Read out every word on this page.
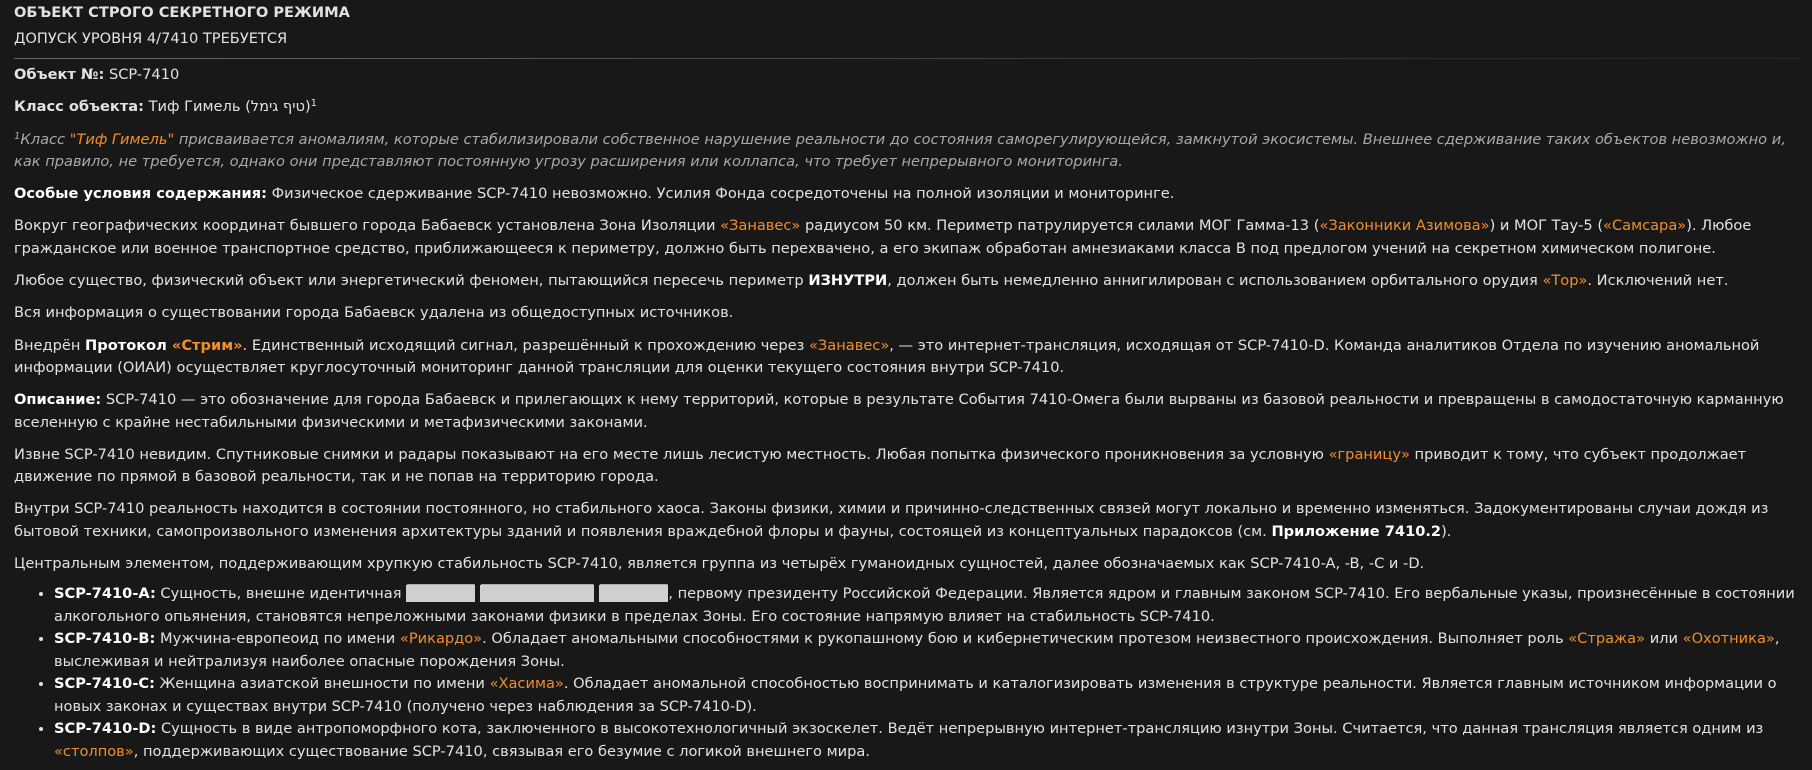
ОБЪЕКТ СТРОГО СЕКРЕТНОГО РЕЖИМА
ДОПУСК УРОВНЯ 4/7410 ТРЕБУЕТСЯ

Объект №: SCP-7410

Класс объекта: Тиф Гимель (טיף גימל)$^1$

$^1$Класс "Тиф Гимель" присваивается аномалиям, которые стабилизировали собственное нарушение реальности до состояния саморегулирующейся, замкнутой экосистемы. Внешнее сдерживание таких объектов невозможно и, как правило, не требуется, однако они представляют постоянную угрозу расширения или коллапса, что требует непрерывного мониторинга.

Особые условия содержания: Физическое сдерживание SCP-7410 невозможно. Усилия Фонда сосредоточены на полной изоляции и мониторинге.

Вокруг географических координат бывшего города Бабаевск установлена Зона Изоляции «Занавес» радиусом 50 км. Периметр патрулируется силами МОГ Гамма-13 («Законники Азимова») и МОГ Тау-5 («Самсара»). Любое гражданское или военное транспортное средство, приближающееся к периметру, должно быть перехвачено, а его экипаж обработан амнезиаками класса B под предлогом учений на секретном химическом полигоне.

Любое существо, физический объект или энергетический феномен, пытающийся пересечь периметр ИЗНУТРИ, должен быть немедленно аннигилирован с использованием орбитального орудия «Тор». Исключений нет.

Вся информация о существовании города Бабаевск удалена из общедоступных источников.

Внедрён Протокол «Стрим». Единственный исходящий сигнал, разрешённый к прохождению через «Занавес», — это интернет-трансляция, исходящая от SCP-7410-D. Команда аналитиков Отдела по изучению аномальной информации (ОИАИ) осуществляет круглосуточный мониторинг данной трансляции для оценки текущего состояния внутри SCP-7410.

Описание: SCP-7410 — это обозначение для города Бабаевск и прилегающих к нему территорий, которые в результате События 7410-Омега были вырваны из базовой реальности и превращены в самодостаточную карманную вселенную с крайне нестабильными физическими и метафизическими законами.

Извне SCP-7410 невидим. Спутниковые снимки и радары показывают на его месте лишь лесистую местность. Любая попытка физического проникновения за условную «границу» приводит к тому, что субъект продолжает движение по прямой в базовой реальности, так и не попав на территорию города.

Внутри SCP-7410 реальность находится в состоянии постоянного, но стабильного хаоса. Законы физики, химии и причинно-следственных связей могут локально и временно изменяться. Задокументированы случаи дождя из бытовой техники, самопроизвольного изменения архитектуры зданий и появления враждебной флоры и фауны, состоящей из концептуальных парадоксов (см. Приложение 7410.2).

Центральным элементом, поддерживающим хрупкую стабильность SCP-7410, является группа из четырёх гуманоидных сущностей, далее обозначаемых как SCP-7410-A, -B, -C и -D.

• SCP-7410-A: Сущность, внешне идентичная ██████ ██████████ ██████, первому президенту Российской Федерации. Является ядром и главным законом SCP-7410. Его вербальные указы, произнесённые в состоянии алкогольного опьянения, становятся непреложными законами физики в пределах Зоны. Его состояние напрямую влияет на стабильность SCP-7410.
• SCP-7410-B: Мужчина-европеоид по имени «Рикардо». Обладает аномальными способностями к рукопашному бою и кибернетическим протезом неизвестного происхождения. Выполняет роль «Стража» или «Охотника», выслеживая и нейтрализуя наиболее опасные порождения Зоны.
• SCP-7410-C: Женщина азиатской внешности по имени «Хасима». Обладает аномальной способностью воспринимать и каталогизировать изменения в структуре реальности. Является главным источником информации о новых законах и существах внутри SCP-7410 (получено через наблюдения за SCP-7410-D).
• SCP-7410-D: Сущность в виде антропоморфного кота, заключенного в высокотехнологичный экзоскелет. Ведёт непрерывную интернет-трансляцию изнутри Зоны. Считается, что данная трансляция является одним из «столпов», поддерживающих существование SCP-7410, связывая его безумие с логикой внешнего мира.
